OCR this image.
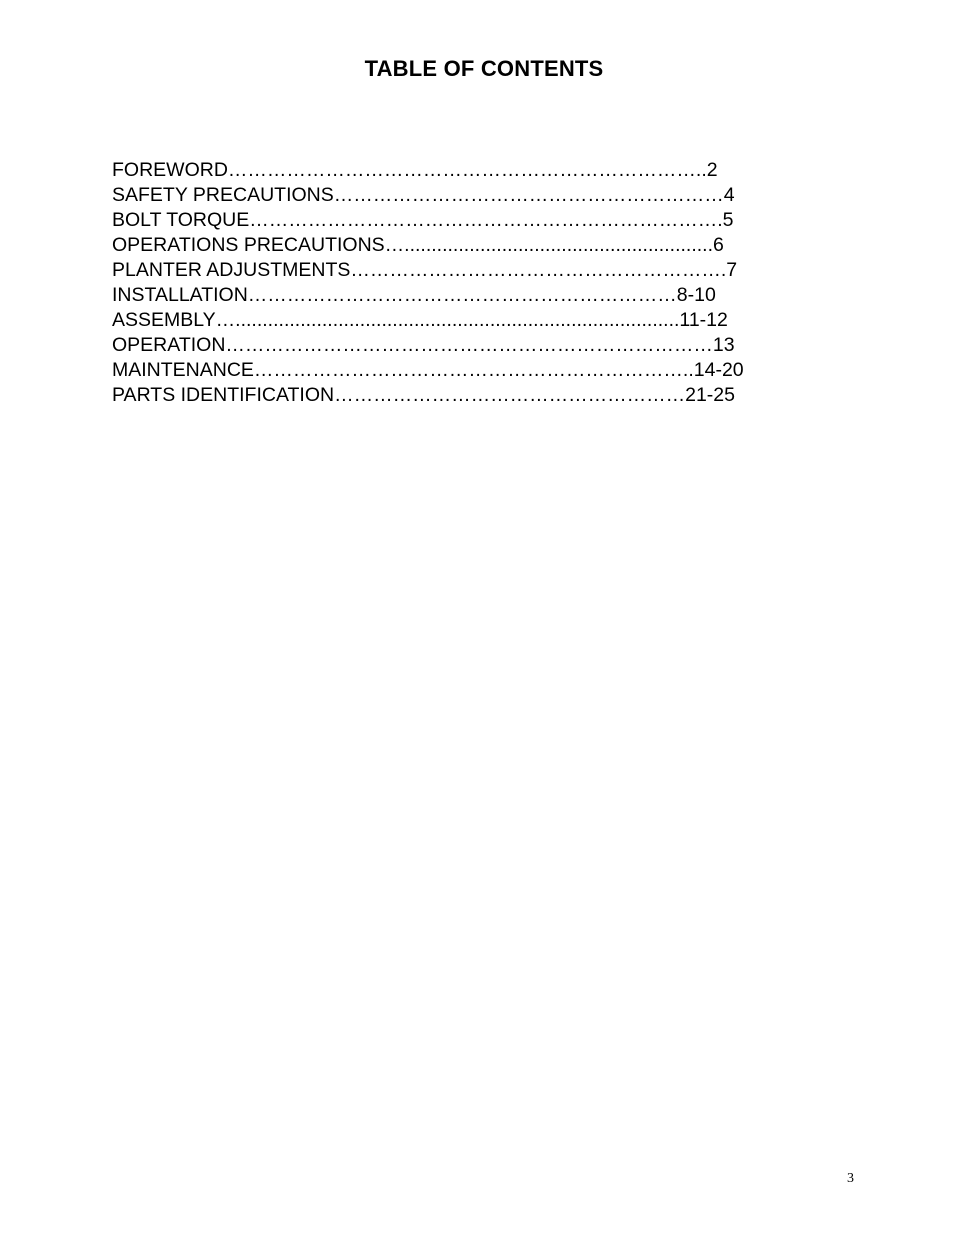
TABLE OF CONTENTS
FOREWORD………………………………………………………………..2
SAFETY PRECAUTIONS……………………………………………………4
BOLT TORQUE……………………………………………………………….5
OPERATIONS PRECAUTIONS….........................................................6
PLANTER ADJUSTMENTS………………………………………………….7
INSTALLATION…………………………………………………………8-10
ASSEMBLY…..................................................................................11-12
OPERATION…………………………………………………………………13
MAINTENANCE…………………………………………………………..14-20
PARTS IDENTIFICATION………………………………………………21-25
3
